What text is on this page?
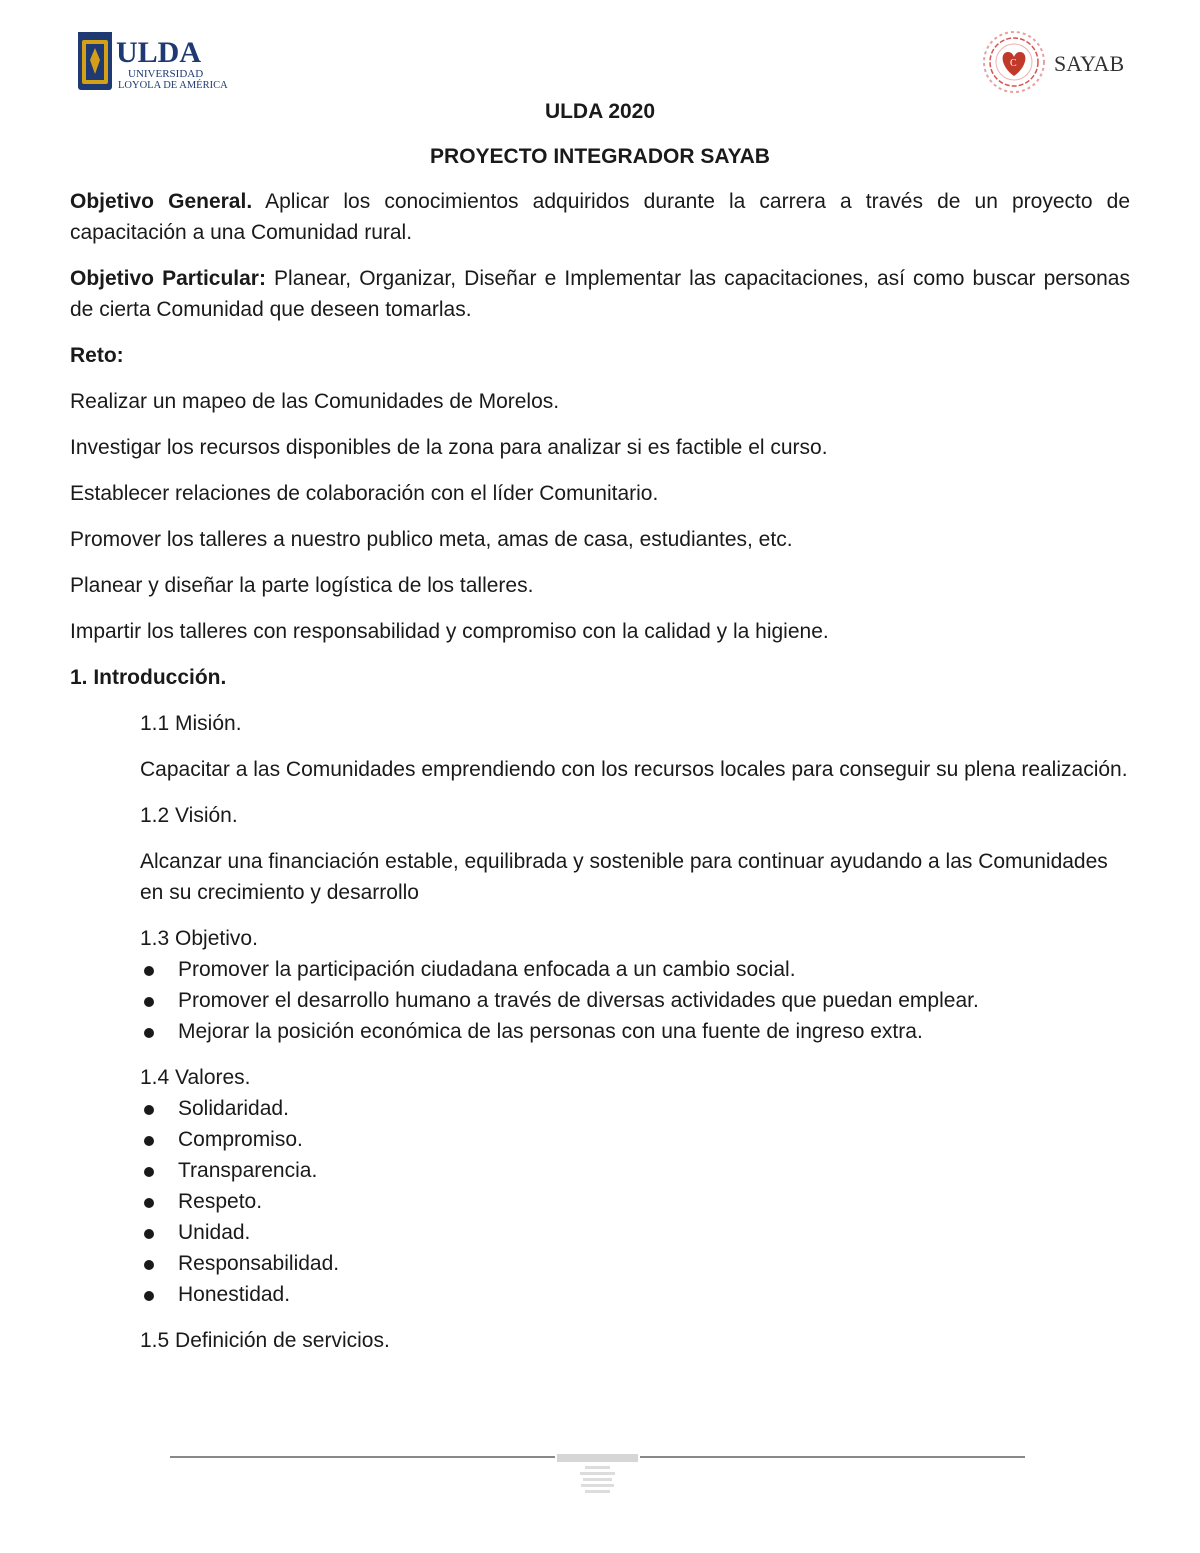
ULDA
UNIVERSIDAD
LOYOLA DE AMÉRICA
C SAYAB

ULDA 2020

PROYECTO INTEGRADOR SAYAB

Objetivo General. Aplicar los conocimientos adquiridos durante la carrera a través de un proyecto de capacitación a una Comunidad rural.

Objetivo Particular: Planear, Organizar, Diseñar e Implementar las capacitaciones, así como buscar personas de cierta Comunidad que deseen tomarlas.

Reto:

Realizar un mapeo de las Comunidades de Morelos.

Investigar los recursos disponibles de la zona para analizar si es factible el curso.

Establecer relaciones de colaboración con el líder Comunitario.

Promover los talleres a nuestro publico meta, amas de casa, estudiantes, etc.

Planear y diseñar la parte logística de los talleres.

Impartir los talleres con responsabilidad y compromiso con la calidad y la higiene.

1. Introducción.

1.1 Misión.

Capacitar a las Comunidades emprendiendo con los recursos locales para conseguir su plena realización.

1.2 Visión.

Alcanzar una financiación estable, equilibrada y sostenible para continuar ayudando a las Comunidades en su crecimiento y desarrollo

1.3 Objetivo.

Promover la participación ciudadana enfocada a un cambio social.
Promover el desarrollo humano a través de diversas actividades que puedan emplear.
Mejorar la posición económica de las personas con una fuente de ingreso extra.

1.4 Valores.

Solidaridad.
Compromiso.
Transparencia.
Respeto.
Unidad.
Responsabilidad.
Honestidad.

1.5 Definición de servicios.
